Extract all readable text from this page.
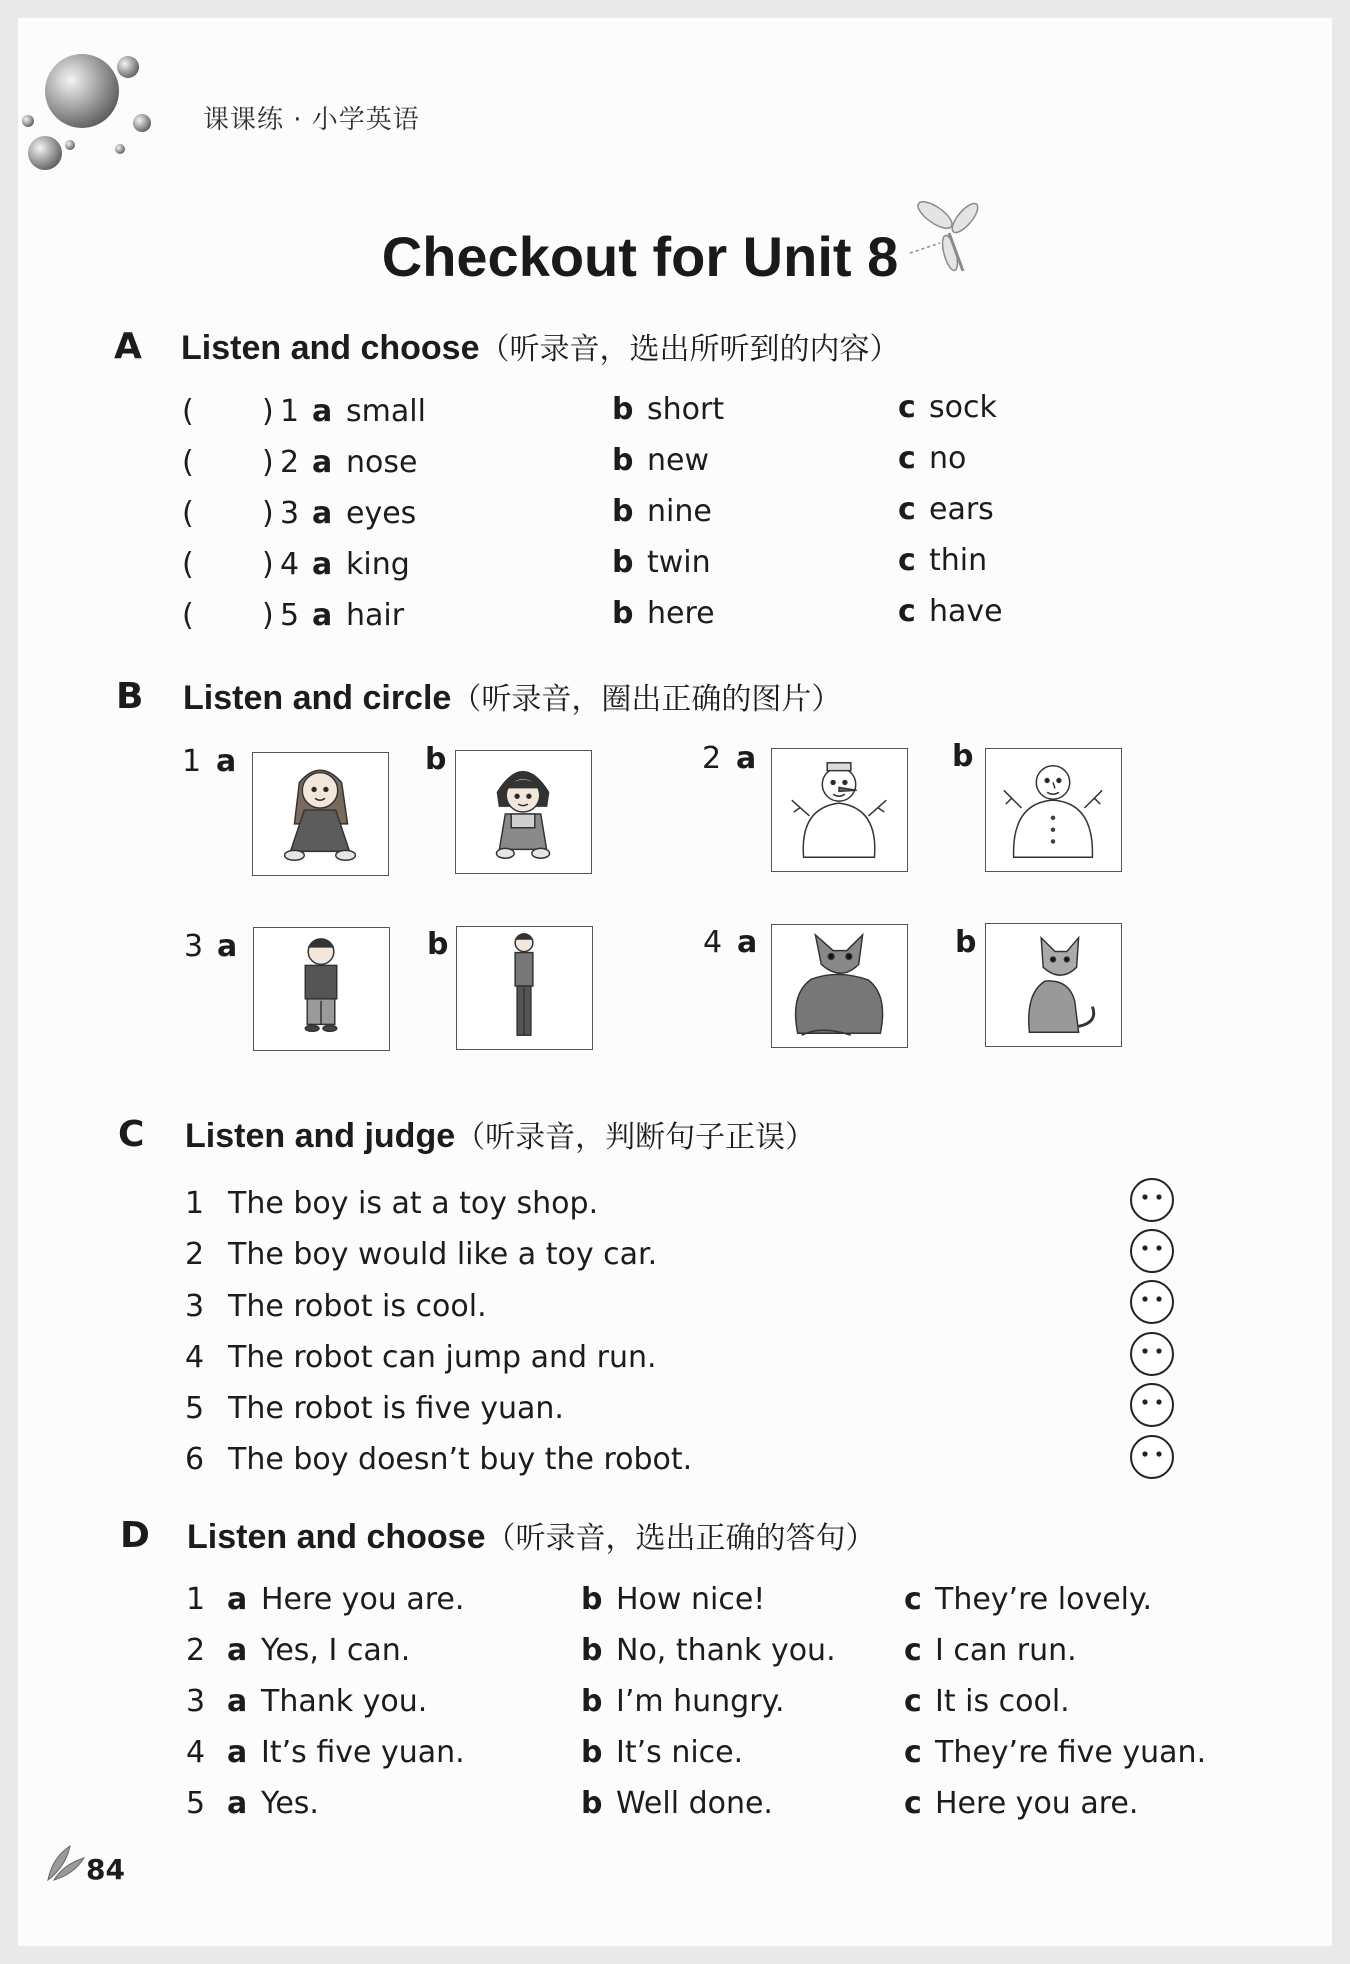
课课练 · 小学英语
Checkout for Unit 8
A Listen and choose（听录音，选出所听到的内容）
( ) 1 a small	b short	c sock
( ) 2 a nose	b new	c no
( ) 3 a eyes	b nine	c ears
( ) 4 a king	b twin	c thin
( ) 5 a hair	b here	c have
B Listen and circle（听录音，圈出正确的图片）
1 a	b	2 a	b
3 a	b	4 a	b
C Listen and judge（听录音，判断句子正误）
1 The boy is at a toy shop.
2 The boy would like a toy car.
3 The robot is cool.
4 The robot can jump and run.
5 The robot is five yuan.
6 The boy doesn’t buy the robot.
D Listen and choose（听录音，选出正确的答句）
1 a Here you are.	b How nice!	c They’re lovely.
2 a Yes, I can.	b No, thank you. c I can run.
3 a Thank you.	b I’m hungry.	c It is cool.
4 a It’s five yuan.	b It’s nice.	c They’re five yuan.
5 a Yes.	b Well done.	c Here you are.
84
